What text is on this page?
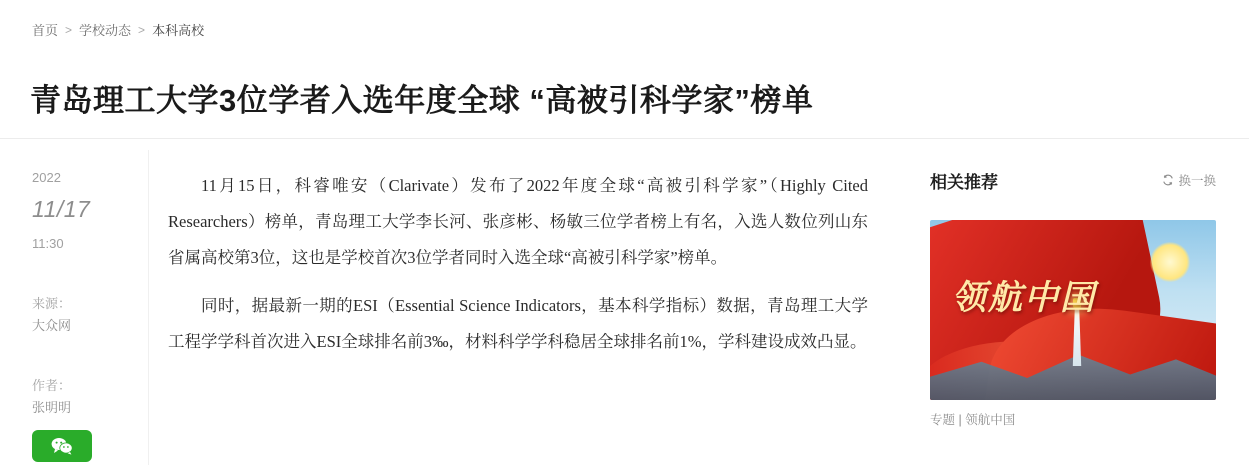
首页 > 学校动态 > 本科高校
青岛理工大学3位学者入选年度全球 “高被引科学家”榜单
2022
11/17
11:30
来源：
大众网
作者：
张明明

11月15日，科睿唯安（Clarivate）发布了2022年度全球“高被引科学家”（Highly Cited Researchers）榜单，青岛理工大学李长河、张彦彬、杨敏三位学者榜上有名，入选人数位列山东省属高校第3位，这也是学校首次3位学者同时入选全球“高被引科学家”榜单。

同时，据最新一期的ESI（Essential Science Indicators，基本科学指标）数据，青岛理工大学工程学学科首次进入ESI全球排名前3‰，材料科学学科稳居全球排名前1%，学科建设成效凸显。

相关推荐	换一换
领航中国
专题 | 领航中国
